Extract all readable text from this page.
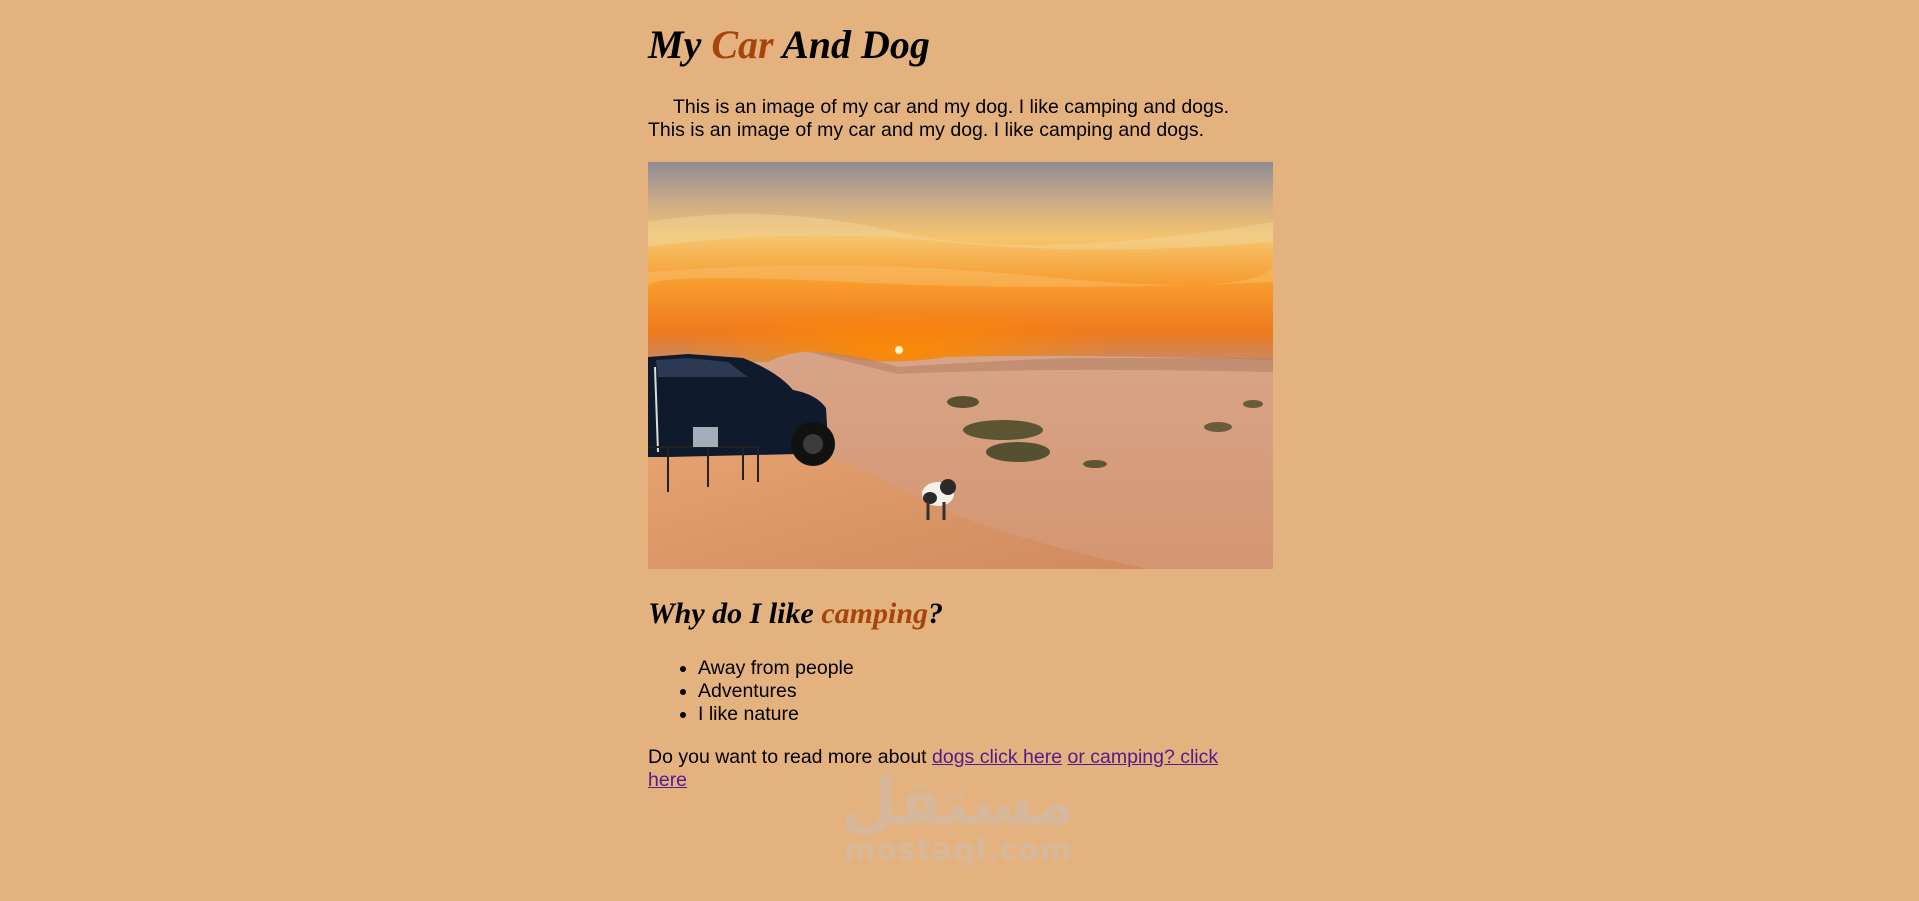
My Car And Dog

This is an image of my car and my dog. I like camping and dogs.
This is an image of my car and my dog. I like camping and dogs.

Why do I like camping?
• Away from people
• Adventures
• I like nature

Do you want to read more about dogs click here or camping? click here	مستقل
mostaql.com
